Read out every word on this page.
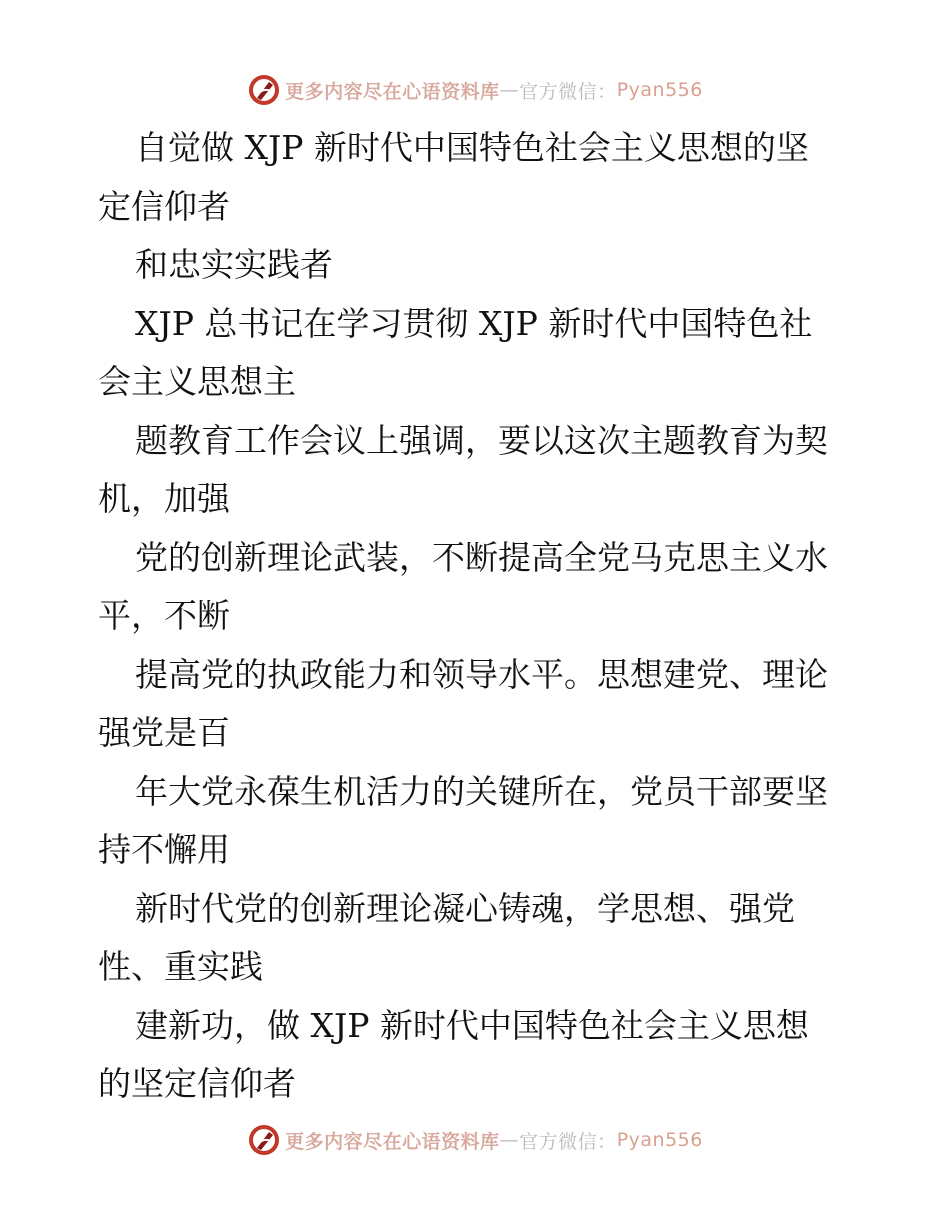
更多内容尽在心语资料库 — 官方微信： Pyan556
自觉做 XJP 新时代中国特色社会主义思想的坚
定信仰者
和忠实实践者
XJP 总书记在学习贯彻 XJP 新时代中国特色社
会主义思想主
题教育工作会议上强调，要以这次主题教育为契
机，加强
党的创新理论武装，不断提高全党马克思主义水
平，不断
提高党的执政能力和领导水平。思想建党、理论
强党是百
年大党永葆生机活力的关键所在，党员干部要坚
持不懈用
新时代党的创新理论凝心铸魂，学思想、强党
性、重实践
建新功，做 XJP 新时代中国特色社会主义思想
的坚定信仰者
更多内容尽在心语资料库 — 官方微信： Pyan556
